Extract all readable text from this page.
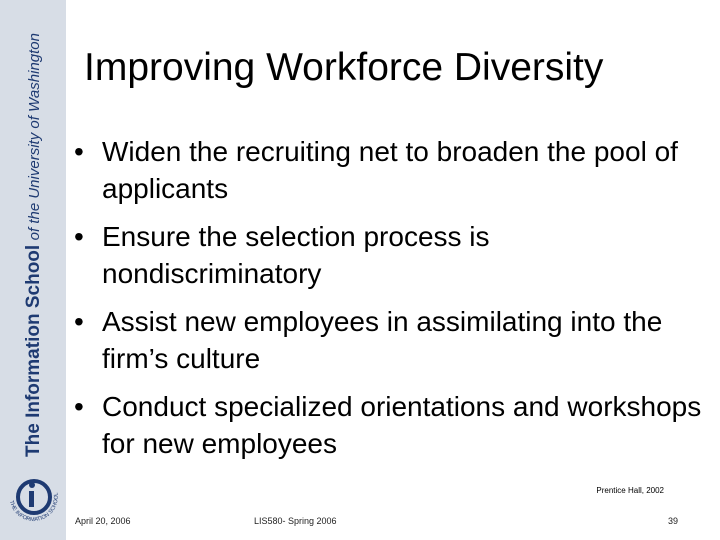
The Information School of the University of Washington
THE INFORMATION SCHOOL
Improving Workforce Diversity
• Widen the recruiting net to broaden the pool of applicants
• Ensure the selection process is nondiscriminatory
• Assist new employees in assimilating into the firm’s culture
• Conduct specialized orientations and workshops for new employees
Prentice Hall, 2002
April 20, 2006	LIS580- Spring 2006	39
